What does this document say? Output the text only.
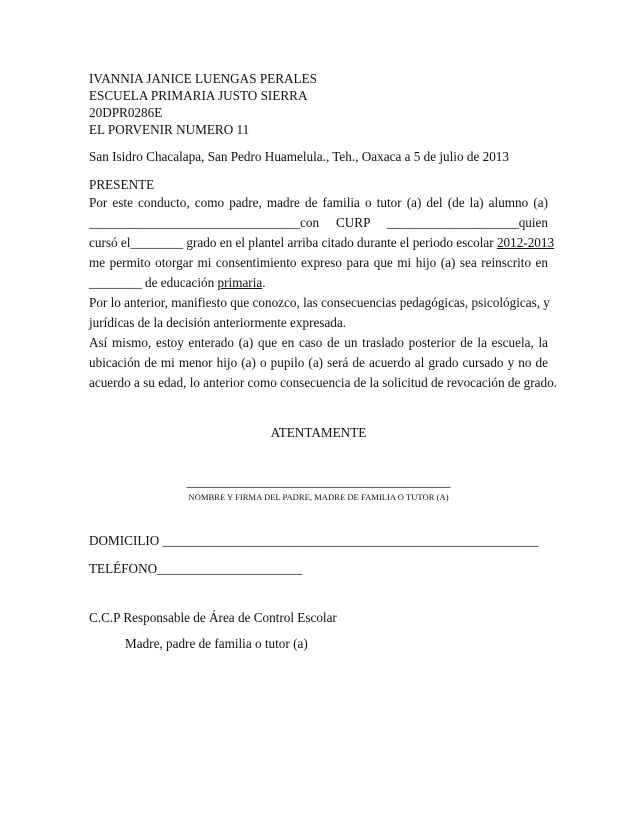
IVANNIA JANICE LUENGAS PERALES
ESCUELA PRIMARIA JUSTO SIERRA
20DPR0286E
EL PORVENIR NUMERO 11
San Isidro Chacalapa, San Pedro Huamelula., Teh., Oaxaca a 5 de julio de 2013
PRESENTE
Por este conducto, como padre, madre de familia o tutor (a) del (de la) alumno (a)
________________________________con CURP ____________________quien
cursó el________ grado en el plantel arriba citado durante el periodo escolar 2012-2013
me permito otorgar mi consentimiento expreso para que mi hijo (a) sea reinscrito en
________ de educación primaria.
Por lo anterior, manifiesto que conozco, las consecuencias pedagógicas, psicológicas, y
jurídicas de la decisión anteriormente expresada.
Así mismo, estoy enterado (a) que en caso de un traslado posterior de la escuela, la
ubicación de mi menor hijo (a) o pupilo (a) será de acuerdo al grado cursado y no de
acuerdo a su edad, lo anterior como consecuencia de la solicitud de revocación de grado.
ATENTAMENTE
________________________________________
NOMBRE Y FIRMA DEL PADRE, MADRE DE FAMILIA O TUTOR (A)
DOMICILIO _________________________________________________________
TELÉFONO______________________
C.C.P Responsable de Área de Control Escolar
Madre, padre de familia o tutor (a)
